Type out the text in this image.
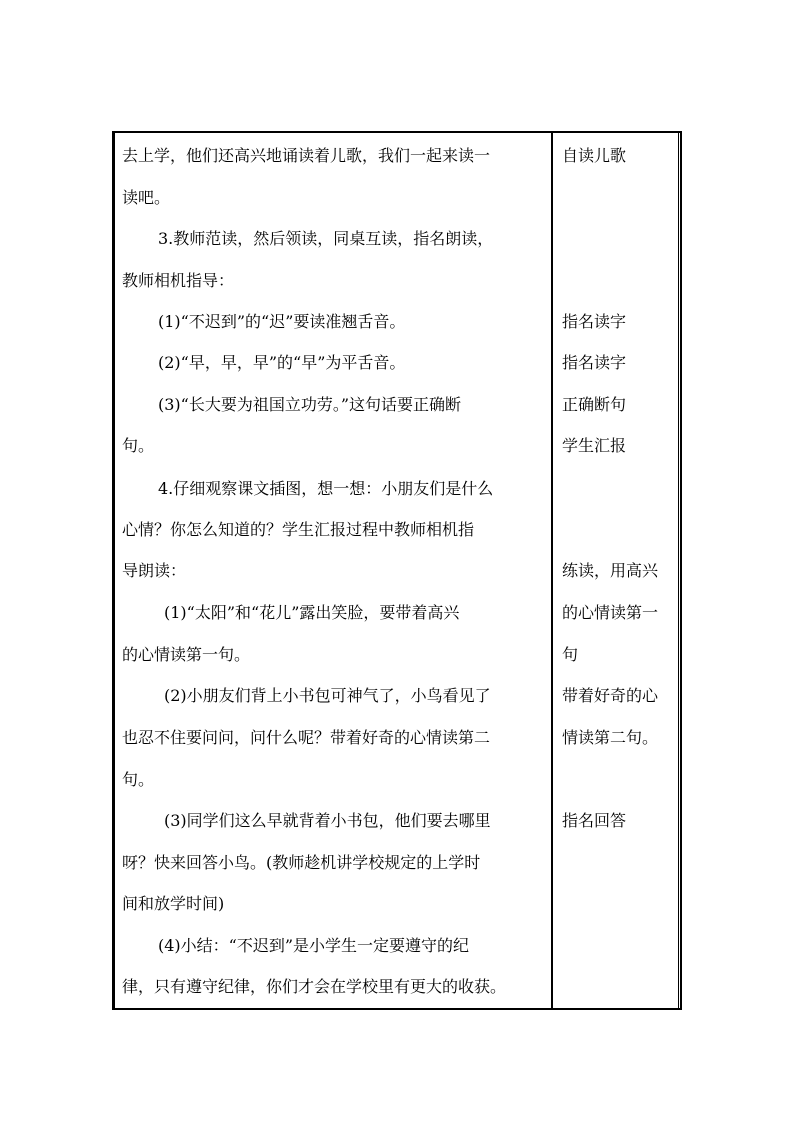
去上学，他们还高兴地诵读着儿歌，我们一起来读一
读吧。
3.教师范读，然后领读，同桌互读，指名朗读，
教师相机指导：
(1)“不迟到”的“迟”要读准翘舌音。
(2)“早，早，早”的“早”为平舌音。
(3)“长大要为祖国立功劳。”这句话要正确断
句。
4.仔细观察课文插图，想一想：小朋友们是什么
心情？你怎么知道的？学生汇报过程中教师相机指
导朗读：
(1)“太阳”和“花儿”露出笑脸，要带着高兴
的心情读第一句。
(2)小朋友们背上小书包可神气了，小鸟看见了
也忍不住要问问，问什么呢？带着好奇的心情读第二
句。
(3)同学们这么早就背着小书包，他们要去哪里
呀？快来回答小鸟。(教师趁机讲学校规定的上学时
间和放学时间)
(4)小结：“不迟到”是小学生一定要遵守的纪
律，只有遵守纪律，你们才会在学校里有更大的收获。
自读儿歌
指名读字
指名读字
正确断句
学生汇报
练读，用高兴
的心情读第一
句
带着好奇的心
情读第二句。
指名回答
